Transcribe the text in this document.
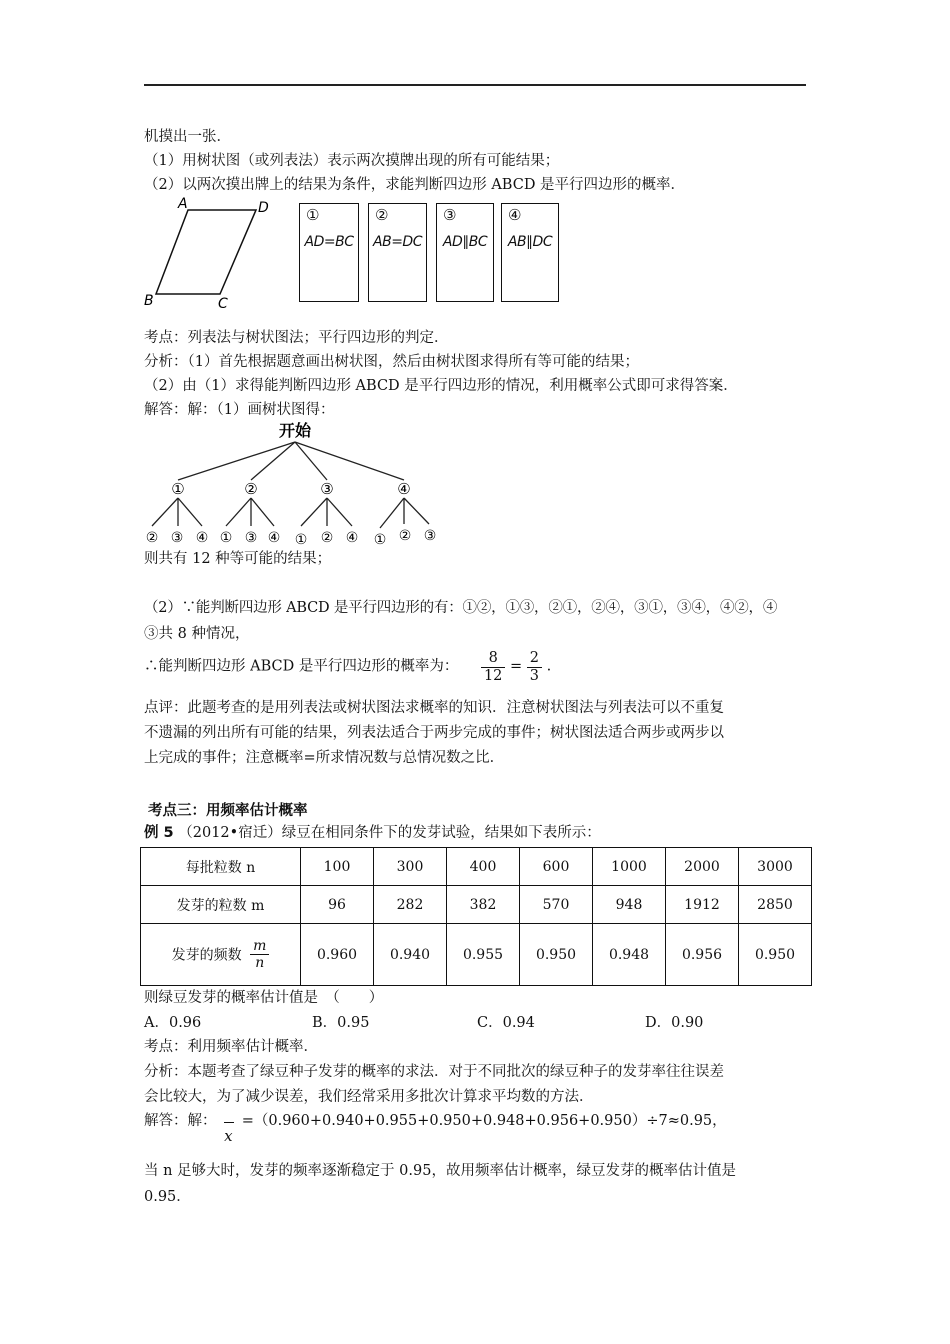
机摸出一张．
（1）用树状图（或列表法）表示两次摸牌出现的所有可能结果；
（2）以两次摸出牌上的结果为条件，求能判断四边形 ABCD 是平行四边形的概率．
A	D
B	C
①
AD=BC
②
AB=DC
③
AD∥BC
④
AB∥DC
考点：列表法与树状图法；平行四边形的判定．
分析：（1）首先根据题意画出树状图，然后由树状图求得所有等可能的结果；
（2）由（1）求得能判断四边形 ABCD 是平行四边形的情况，利用概率公式即可求得答案．
解答：解：（1）画树状图得：
开始
①	②	③	④
② ③ ④ ① ③ ④ ① ② ④ ① ② ③
则共有 12 种等可能的结果；
（2）∵能判断四边形 ABCD 是平行四边形的有：①②，①③，②①，②④，③①，③④，④②，④
③共 8 种情况，
∴能判断四边形 ABCD 是平行四边形的概率为： $\frac{8}{12} = \frac{2}{3}$ .
点评：此题考查的是用列表法或树状图法求概率的知识．注意树状图法与列表法可以不重复
不遗漏的列出所有可能的结果，列表法适合于两步完成的事件；树状图法适合两步或两步以
上完成的事件；注意概率=所求情况数与总情况数之比．
考点三：用频率估计概率
例 5 （2012•宿迁）绿豆在相同条件下的发芽试验，结果如下表所示：
每批粒数 n	100	300	400	600	1000	2000	3000
发芽的粒数 m	96	282	382	570	948	1912	2850
发芽的频数 $\frac{m}{n}$	0.960	0.940	0.955	0.950	0.948	0.956	0.950
则绿豆发芽的概率估计值是　（　　）
A．0.96	B．0.95	C．0.94	D．0.90
考点：利用频率估计概率．
分析：本题考查了绿豆种子发芽的概率的求法．对于不同批次的绿豆种子的发芽率往往误差
会比较大，为了减少误差，我们经常采用多批次计算求平均数的方法．
解答：解：
x
=（0.960+0.940+0.955+0.950+0.948+0.956+0.950）÷7≈0.95，
当 n 足够大时，发芽的频率逐渐稳定于 0.95，故用频率估计概率，绿豆发芽的概率估计值是
0.95．
